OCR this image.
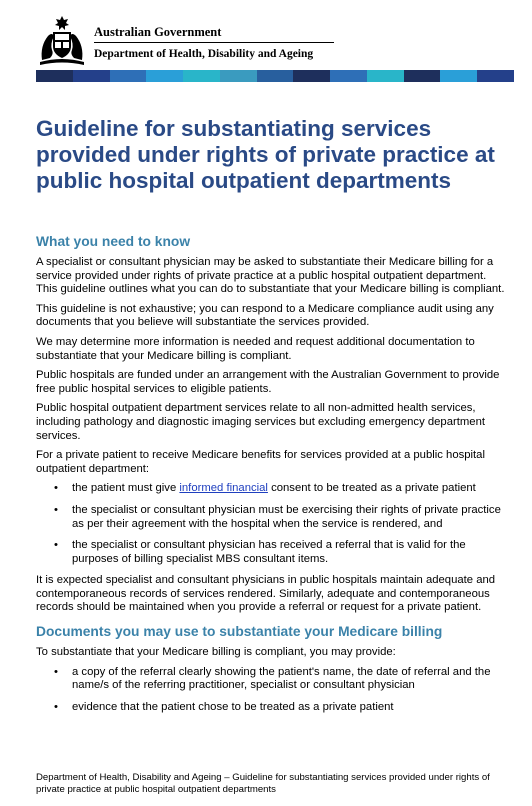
Australian Government
Department of Health, Disability and Ageing
Guideline for substantiating services provided under rights of private practice at public hospital outpatient departments
What you need to know

A specialist or consultant physician may be asked to substantiate their Medicare billing for a service provided under rights of private practice at a public hospital outpatient department. This guideline outlines what you can do to substantiate that your Medicare billing is compliant.

This guideline is not exhaustive; you can respond to a Medicare compliance audit using any documents that you believe will substantiate the services provided.

We may determine more information is needed and request additional documentation to substantiate that your Medicare billing is compliant.

Public hospitals are funded under an arrangement with the Australian Government to provide free public hospital services to eligible patients.

Public hospital outpatient department services relate to all non-admitted health services, including pathology and diagnostic imaging services but excluding emergency department services.

For a private patient to receive Medicare benefits for services provided at a public hospital outpatient department:

• the patient must give informed financial consent to be treated as a private patient
• the specialist or consultant physician must be exercising their rights of private practice as per their agreement with the hospital when the service is rendered, and
• the specialist or consultant physician has received a referral that is valid for the purposes of billing specialist MBS consultant items.

It is expected specialist and consultant physicians in public hospitals maintain adequate and contemporaneous records of services rendered. Similarly, adequate and contemporaneous records should be maintained when you provide a referral or request for a private patient.

Documents you may use to substantiate your Medicare billing

To substantiate that your Medicare billing is compliant, you may provide:

• a copy of the referral clearly showing the patient's name, the date of referral and the name/s of the referring practitioner, specialist or consultant physician
• evidence that the patient chose to be treated as a private patient

Department of Health, Disability and Ageing – Guideline for substantiating services provided under rights of private practice at public hospital outpatient departments
